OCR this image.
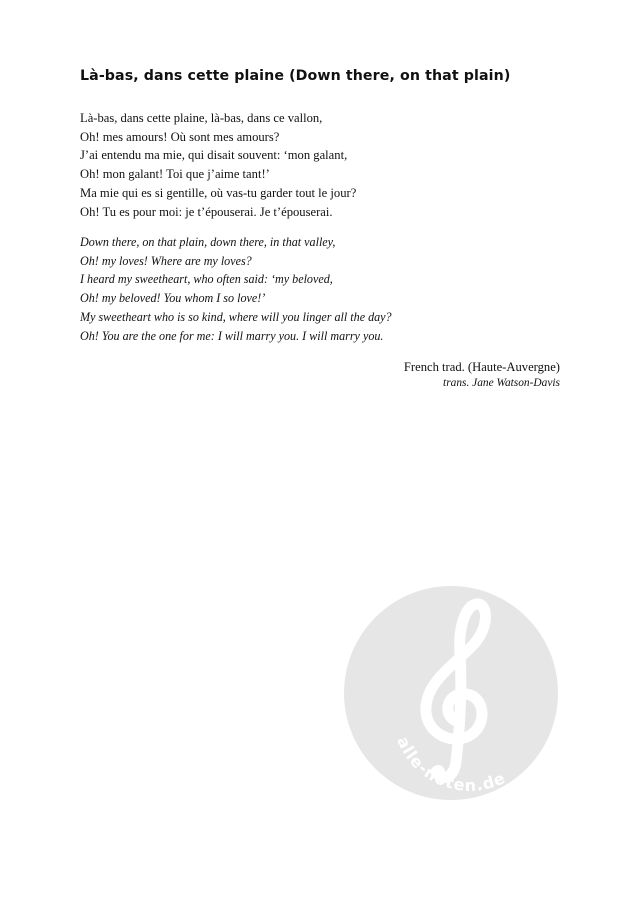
Là-bas, dans cette plaine (Down there, on that plain)

Là-bas, dans cette plaine, là-bas, dans ce vallon,
Oh! mes amours! Où sont mes amours?
J’ai entendu ma mie, qui disait souvent: ‘mon galant,
Oh! mon galant! Toi que j’aime tant!’
Ma mie qui es si gentille, où vas-tu garder tout le jour?
Oh! Tu es pour moi: je t’épouserai. Je t’épouserai.

Down there, on that plain, down there, in that valley,
Oh! my loves! Where are my loves?
I heard my sweetheart, who often said: ‘my beloved,
Oh! my beloved! You whom I so love!’
My sweetheart who is so kind, where will you linger all the day?
Oh! You are the one for me: I will marry you. I will marry you.

French trad. (Haute-Auvergne)
trans. Jane Watson-Davis
alle-noten.de
